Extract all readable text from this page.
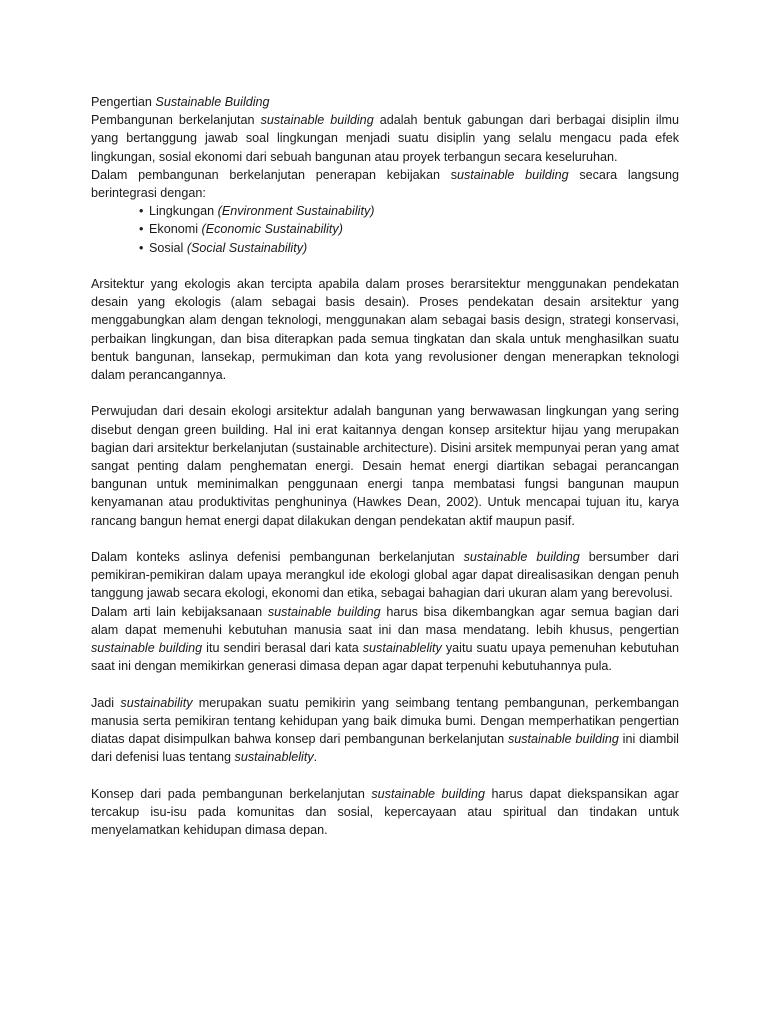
Pengertian Sustainable Building

Pembangunan berkelanjutan sustainable building adalah bentuk gabungan dari berbagai disiplin ilmu yang bertanggung jawab soal lingkungan menjadi suatu disiplin yang selalu mengacu pada efek lingkungan, sosial ekonomi dari sebuah bangunan atau proyek terbangun secara keseluruhan.

Dalam pembangunan berkelanjutan penerapan kebijakan sustainable building secara langsung berintegrasi dengan:

• Lingkungan (Environment Sustainability)
• Ekonomi (Economic Sustainability)
• Sosial (Social Sustainability)

Arsitektur yang ekologis akan tercipta apabila dalam proses berarsitektur menggunakan pendekatan desain yang ekologis (alam sebagai basis desain). Proses pendekatan desain arsitektur yang menggabungkan alam dengan teknologi, menggunakan alam sebagai basis design, strategi konservasi, perbaikan lingkungan, dan bisa diterapkan pada semua tingkatan dan skala untuk menghasilkan suatu bentuk bangunan, lansekap, permukiman dan kota yang revolusioner dengan menerapkan teknologi dalam perancangannya.

Perwujudan dari desain ekologi arsitektur adalah bangunan yang berwawasan lingkungan yang sering disebut dengan green building. Hal ini erat kaitannya dengan konsep arsitektur hijau yang merupakan bagian dari arsitektur berkelanjutan (sustainable architecture). Disini arsitek mempunyai peran yang amat sangat penting dalam penghematan energi. Desain hemat energi diartikan sebagai perancangan bangunan untuk meminimalkan penggunaan energi tanpa membatasi fungsi bangunan maupun kenyamanan atau produktivitas penghuninya (Hawkes Dean, 2002). Untuk mencapai tujuan itu, karya rancang bangun hemat energi dapat dilakukan dengan pendekatan aktif maupun pasif.

Dalam konteks aslinya defenisi pembangunan berkelanjutan sustainable building bersumber dari pemikiran-pemikiran dalam upaya merangkul ide ekologi global agar dapat direalisasikan dengan penuh tanggung jawab secara ekologi, ekonomi dan etika, sebagai bahagian dari ukuran alam yang berevolusi.

Dalam arti lain kebijaksanaan sustainable building harus bisa dikembangkan agar semua bagian dari alam dapat memenuhi kebutuhan manusia saat ini dan masa mendatang. lebih khusus, pengertian sustainable building itu sendiri berasal dari kata sustainablelity yaitu suatu upaya pemenuhan kebutuhan saat ini dengan memikirkan generasi dimasa depan agar dapat terpenuhi kebutuhannya pula.

Jadi sustainability merupakan suatu pemikirin yang seimbang tentang pembangunan, perkembangan manusia serta pemikiran tentang kehidupan yang baik dimuka bumi. Dengan memperhatikan pengertian diatas dapat disimpulkan bahwa konsep dari pembangunan berkelanjutan sustainable building ini diambil dari defenisi luas tentang sustainablelity.

Konsep dari pada pembangunan berkelanjutan sustainable building harus dapat diekspansikan agar tercakup isu-isu pada komunitas dan sosial, kepercayaan atau spiritual dan tindakan untuk menyelamatkan kehidupan dimasa depan.
